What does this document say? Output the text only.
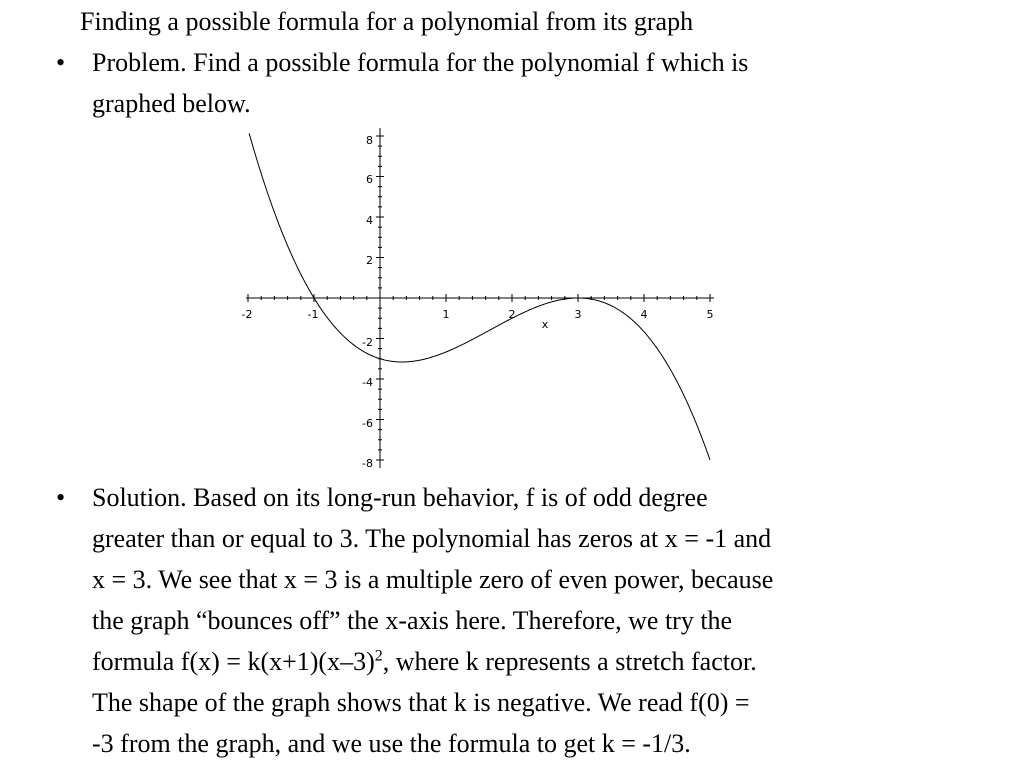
Finding a possible formula for a polynomial from its graph
• Problem. Find a possible formula for the polynomial f which is
graphed below.
-2	-1	1	2	3	4	5
x
8
6
4
2
-2
-4
-6
-8
• Solution. Based on its long-run behavior, f is of odd degree
greater than or equal to 3. The polynomial has zeros at x = -1 and
x = 3. We see that x = 3 is a multiple zero of even power, because
the graph “bounces off” the x-axis here. Therefore, we try the
formula $f(x) = k(x+1)(x-3)^2$, where k represents a stretch factor.
The shape of the graph shows that k is negative. We read f(0) =
-3 from the graph, and we use the formula to get k = -1/3.
